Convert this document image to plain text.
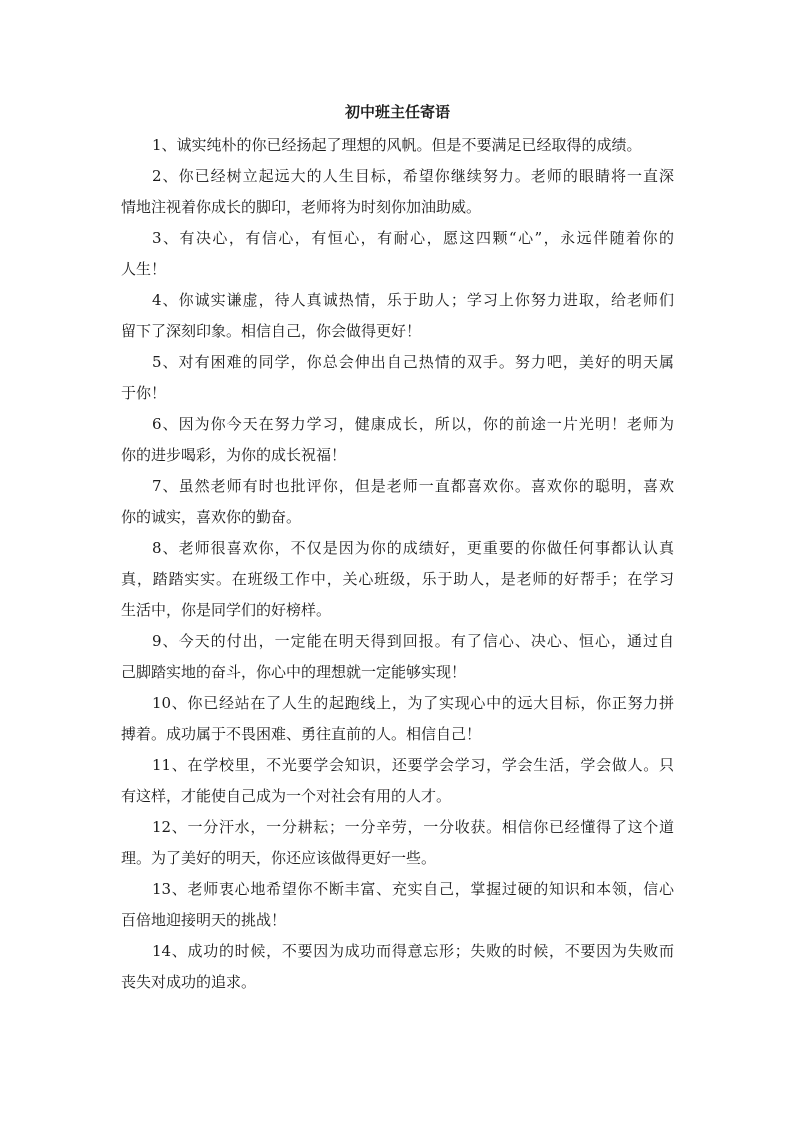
初中班主任寄语
1、诚实纯朴的你已经扬起了理想的风帆。但是不要满足已经取得的成绩。
2、你已经树立起远大的人生目标，希望你继续努力。老师的眼睛将一直深
情地注视着你成长的脚印，老师将为时刻你加油助威。
3、有决心，有信心，有恒心，有耐心，愿这四颗“心”，永远伴随着你的
人生！
4、你诚实谦虚，待人真诚热情，乐于助人；学习上你努力进取，给老师们
留下了深刻印象。相信自己，你会做得更好！
5、对有困难的同学，你总会伸出自己热情的双手。努力吧，美好的明天属
于你！
6、因为你今天在努力学习，健康成长，所以，你的前途一片光明！老师为
你的进步喝彩，为你的成长祝福！
7、虽然老师有时也批评你，但是老师一直都喜欢你。喜欢你的聪明，喜欢
你的诚实，喜欢你的勤奋。
8、老师很喜欢你，不仅是因为你的成绩好，更重要的你做任何事都认认真
真，踏踏实实。在班级工作中，关心班级，乐于助人，是老师的好帮手；在学习
生活中，你是同学们的好榜样。
9、今天的付出，一定能在明天得到回报。有了信心、决心、恒心，通过自
己脚踏实地的奋斗，你心中的理想就一定能够实现！
10、你已经站在了人生的起跑线上，为了实现心中的远大目标，你正努力拼
搏着。成功属于不畏困难、勇往直前的人。相信自己！
11、在学校里，不光要学会知识，还要学会学习，学会生活，学会做人。只
有这样，才能使自己成为一个对社会有用的人才。
12、一分汗水，一分耕耘；一分辛劳，一分收获。相信你已经懂得了这个道
理。为了美好的明天，你还应该做得更好一些。
13、老师衷心地希望你不断丰富、充实自己，掌握过硬的知识和本领，信心
百倍地迎接明天的挑战！
14、成功的时候，不要因为成功而得意忘形；失败的时候，不要因为失败而
丧失对成功的追求。
